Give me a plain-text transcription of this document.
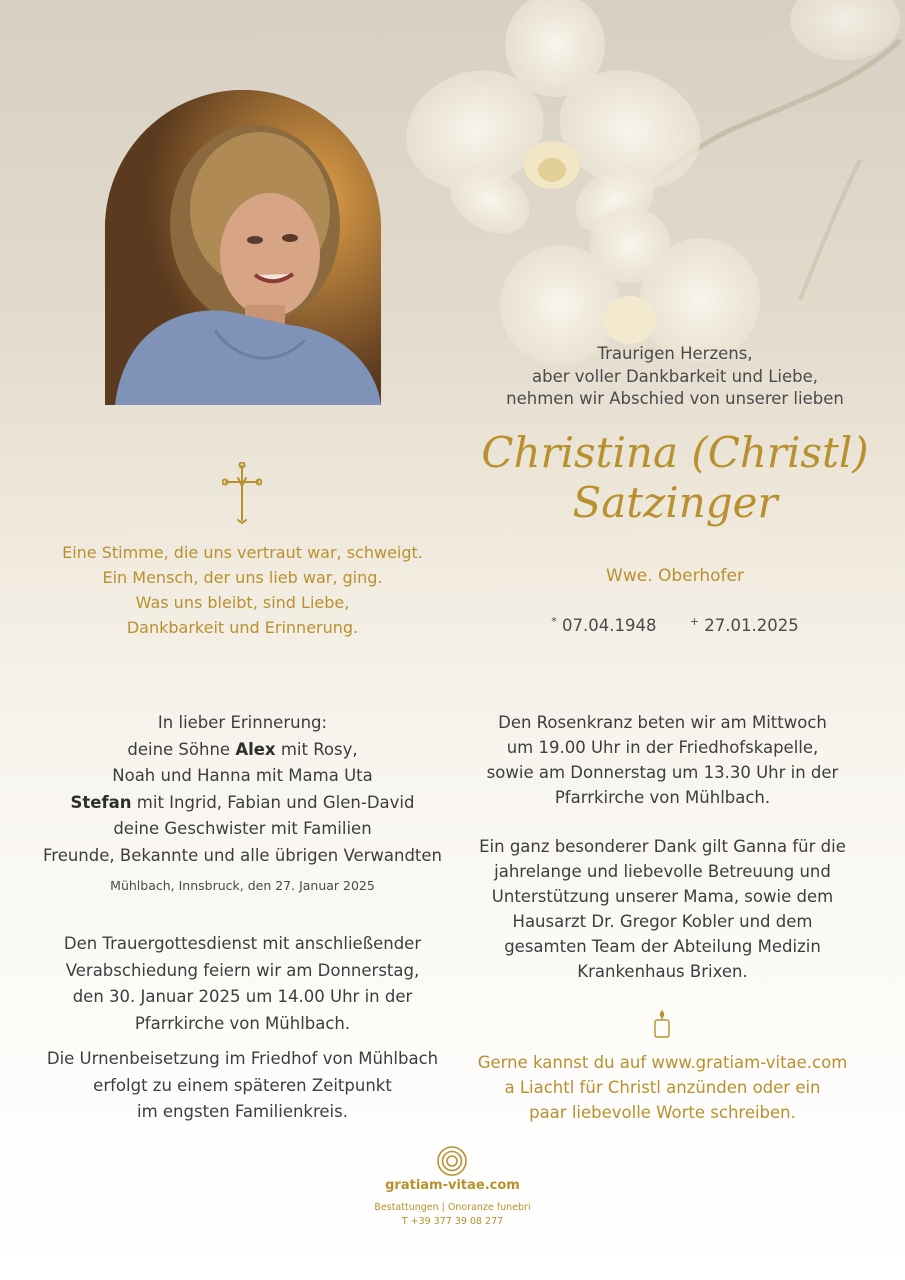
Traurigen Herzens,
aber voller Dankbarkeit und Liebe,
nehmen wir Abschied von unserer lieben
Christina (Christl)
Satzinger
Wwe. Oberhofer
* 07.04.1948	+ 27.01.2025
Eine Stimme, die uns vertraut war, schweigt.
Ein Mensch, der uns lieb war, ging.
Was uns bleibt, sind Liebe,
Dankbarkeit und Erinnerung.
In lieber Erinnerung:
deine Söhne Alex mit Rosy,
Noah und Hanna mit Mama Uta
Stefan mit Ingrid, Fabian und Glen-David
deine Geschwister mit Familien
Freunde, Bekannte und alle übrigen Verwandten
Mühlbach, Innsbruck, den 27. Januar 2025
Den Trauergottesdienst mit anschließender
Verabschiedung feiern wir am Donnerstag,
den 30. Januar 2025 um 14.00 Uhr in der
Pfarrkirche von Mühlbach.
Die Urnenbeisetzung im Friedhof von Mühlbach
erfolgt zu einem späteren Zeitpunkt
im engsten Familienkreis.
Den Rosenkranz beten wir am Mittwoch
um 19.00 Uhr in der Friedhofskapelle,
sowie am Donnerstag um 13.30 Uhr in der
Pfarrkirche von Mühlbach.
Ein ganz besonderer Dank gilt Ganna für die
jahrelange und liebevolle Betreuung und
Unterstützung unserer Mama, sowie dem
Hausarzt Dr. Gregor Kobler und dem
gesamten Team der Abteilung Medizin
Krankenhaus Brixen.
Gerne kannst du auf www.gratiam-vitae.com
a Liachtl für Christl anzünden oder ein
paar liebevolle Worte schreiben.
gratiam-vitae.com
Bestattungen | Onoranze funebri
T +39 377 39 08 277
